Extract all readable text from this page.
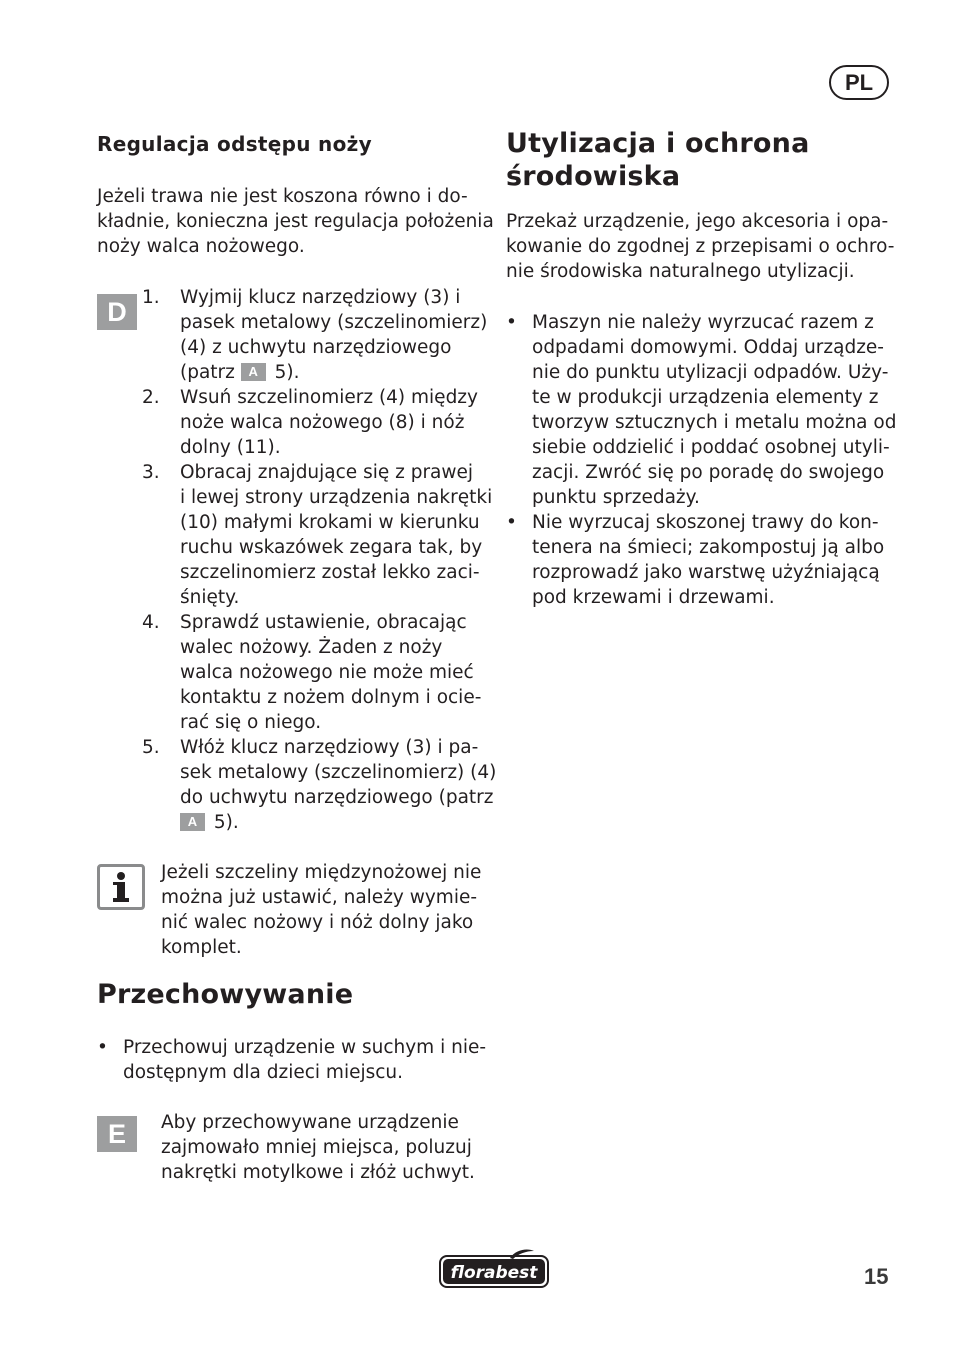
PL
Regulacja odstępu noży
Jeżeli trawa nie jest koszona równo i do-
kładnie, konieczna jest regulacja położenia
noży walca nożowego.
D 1. Wyjmij klucz narzędziowy (3) i
pasek metalowy (szczelinomierz)
(4) z uchwytu narzędziowego
(patrz A 5).
2. Wsuń szczelinomierz (4) między
noże walca nożowego (8) i nóż
dolny (11).
3. Obracaj znajdujące się z prawej
i lewej strony urządzenia nakrętki
(10) małymi krokami w kierunku
ruchu wskazówek zegara tak, by
szczelinomierz został lekko zaci-
śnięty.
4. Sprawdź ustawienie, obracając
walec nożowy. Żaden z noży
walca nożowego nie może mieć
kontaktu z nożem dolnym i ocie-
rać się o niego.
5. Włóż klucz narzędziowy (3) i pa-
sek metalowy (szczelinomierz) (4)
do uchwytu narzędziowego (patrz
A 5).
Jeżeli szczeliny międzynożowej nie
można już ustawić, należy wymie-
nić walec nożowy i nóż dolny jako
komplet.
Przechowywanie
• Przechowuj urządzenie w suchym i nie-
dostępnym dla dzieci miejscu.
E	Aby przechowywane urządzenie
zajmowało mniej miejsca, poluzuj
nakrętki motylkowe i złóż uchwyt.
Utylizacja i ochrona
środowiska
Przekaż urządzenie, jego akcesoria i opa-
kowanie do zgodnej z przepisami o ochro-
nie środowiska naturalnego utylizacji.
• Maszyn nie należy wyrzucać razem z
odpadami domowymi. Oddaj urządze-
nie do punktu utylizacji odpadów. Uży-
te w produkcji urządzenia elementy z
tworzyw sztucznych i metalu można od
siebie oddzielić i poddać osobnej utyli-
zacji. Zwróć się po poradę do swojego
punktu sprzedaży.
• Nie wyrzucaj skoszonej trawy do kon-
tenera na śmieci; zakompostuj ją albo
rozprowadź jako warstwę użyźniającą
pod krzewami i drzewami.
florabest	15
